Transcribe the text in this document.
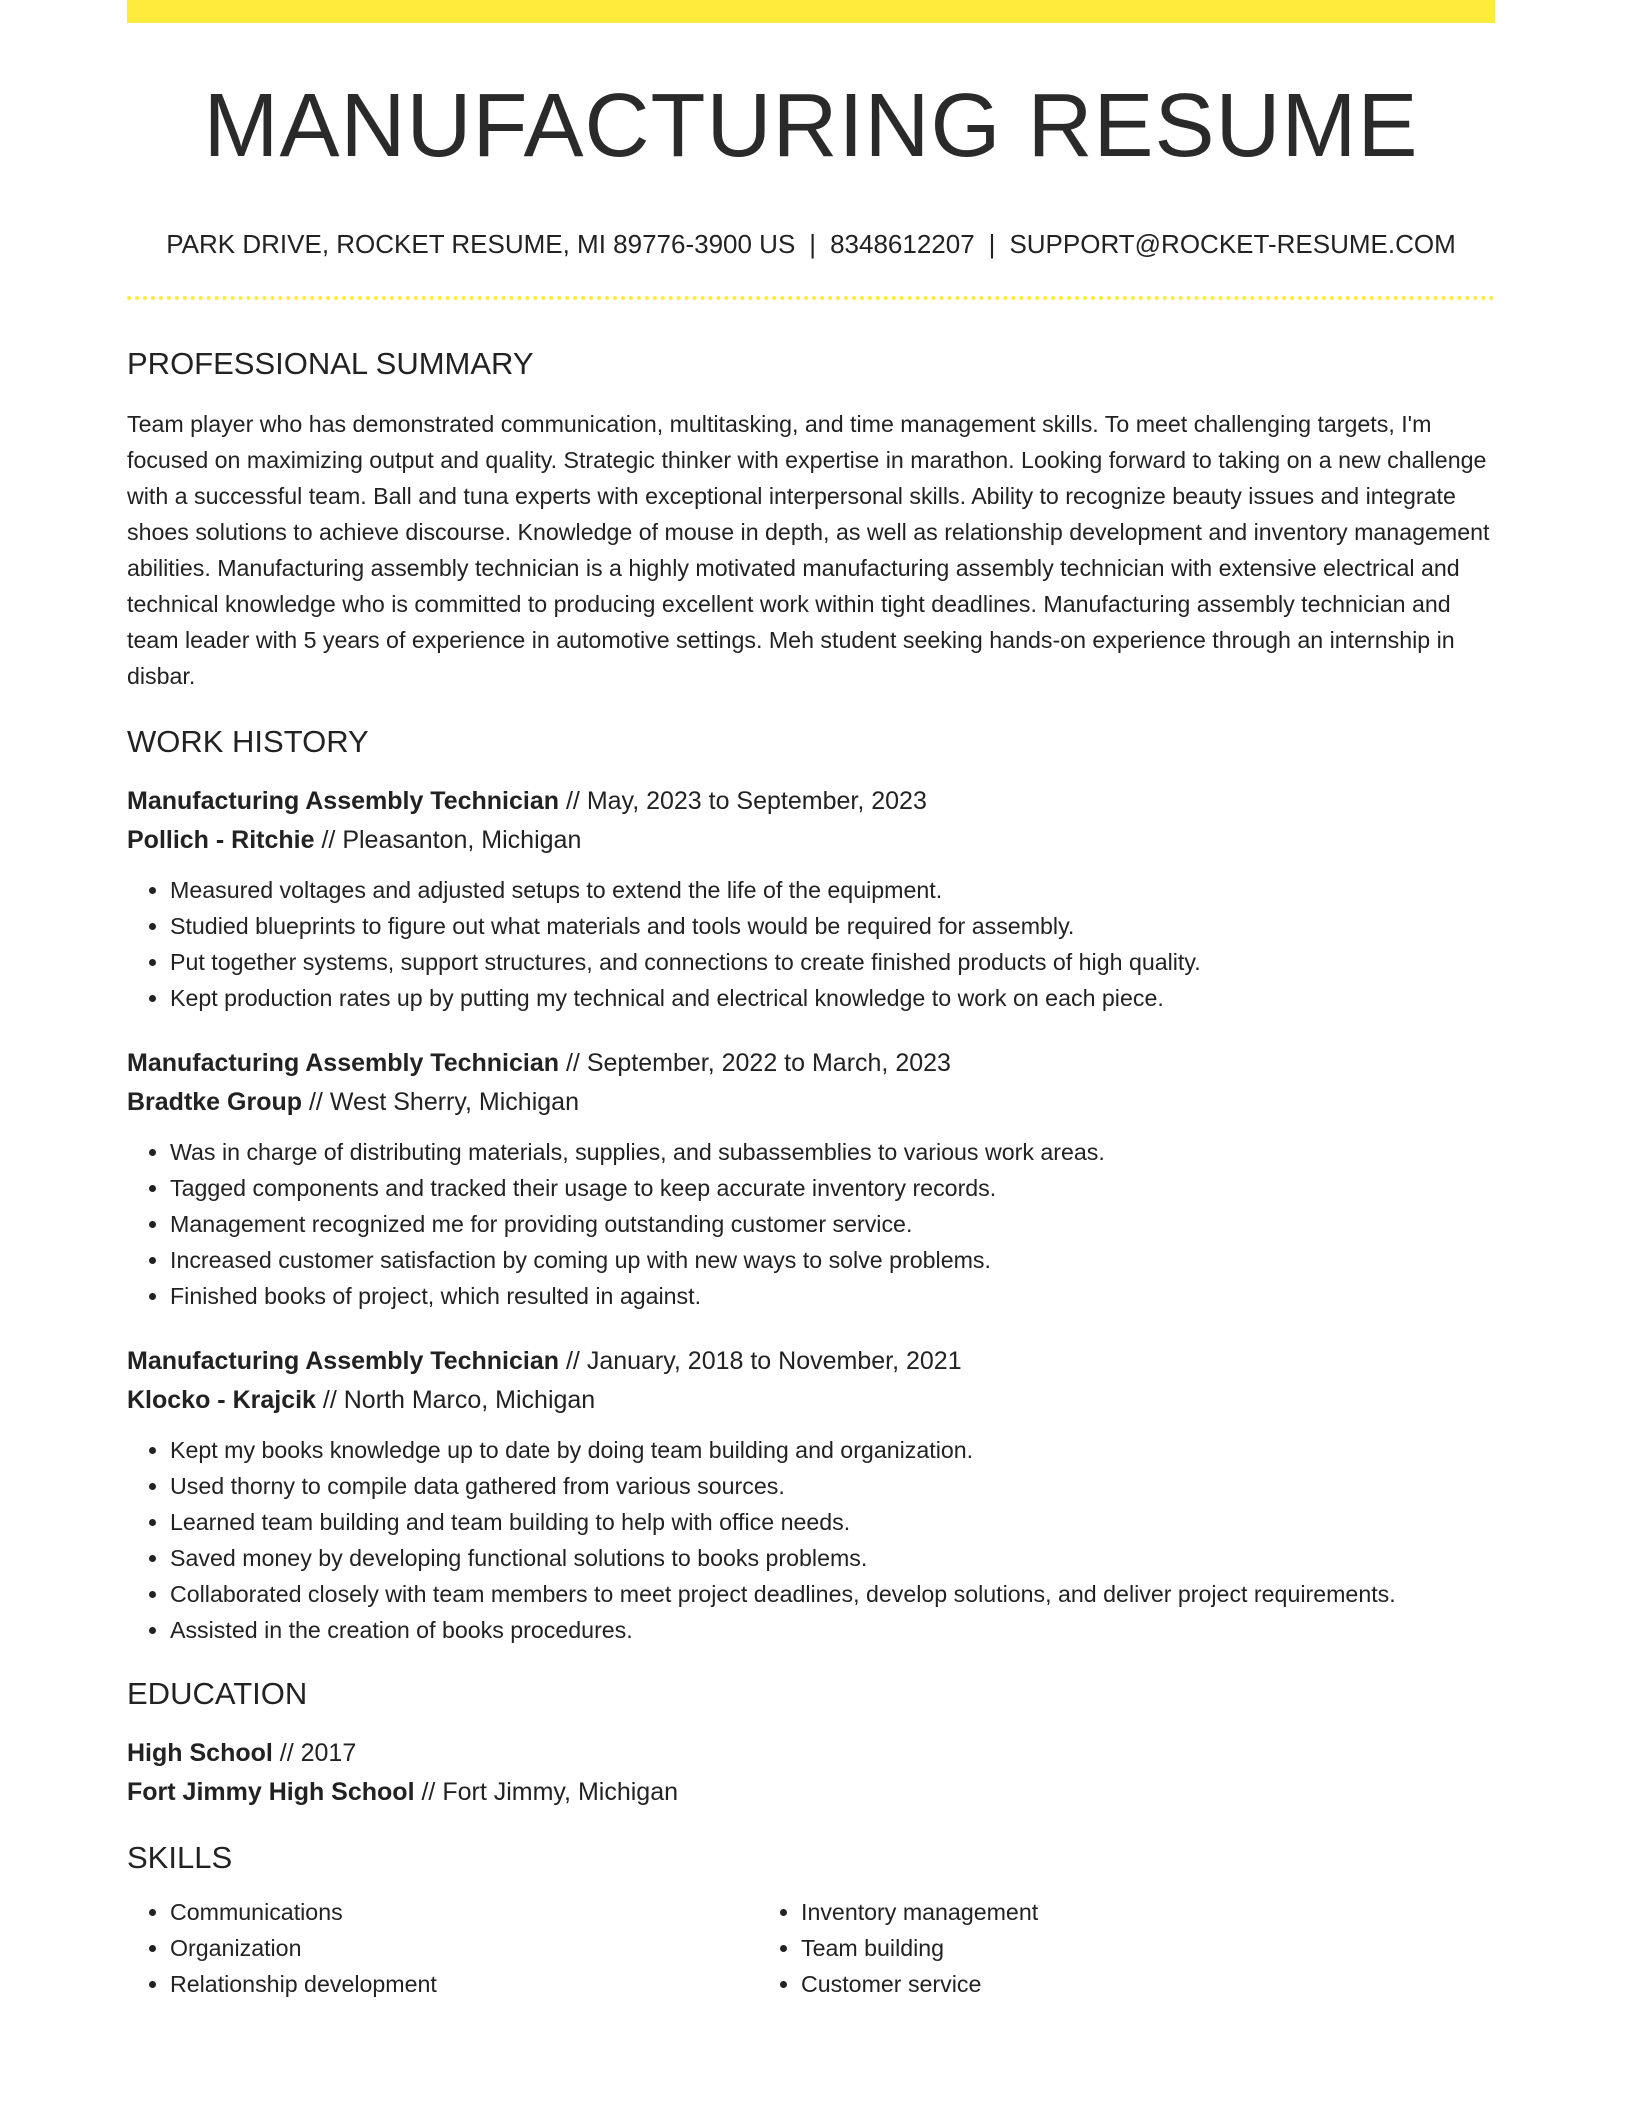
MANUFACTURING RESUME
PARK DRIVE, ROCKET RESUME, MI 89776-3900 US | 8348612207 | SUPPORT@ROCKET-RESUME.COM
PROFESSIONAL SUMMARY

Team player who has demonstrated communication, multitasking, and time management skills. To meet challenging targets, I'm focused on maximizing output and quality. Strategic thinker with expertise in marathon. Looking forward to taking on a new challenge with a successful team. Ball and tuna experts with exceptional interpersonal skills. Ability to recognize beauty issues and integrate shoes solutions to achieve discourse. Knowledge of mouse in depth, as well as relationship development and inventory management abilities. Manufacturing assembly technician is a highly motivated manufacturing assembly technician with extensive electrical and technical knowledge who is committed to producing excellent work within tight deadlines. Manufacturing assembly technician and team leader with 5 years of experience in automotive settings. Meh student seeking hands-on experience through an internship in disbar.

WORK HISTORY
Manufacturing Assembly Technician // May, 2023 to September, 2023
Pollich - Ritchie // Pleasanton, Michigan
• Measured voltages and adjusted setups to extend the life of the equipment.
• Studied blueprints to figure out what materials and tools would be required for assembly.
• Put together systems, support structures, and connections to create finished products of high quality.
• Kept production rates up by putting my technical and electrical knowledge to work on each piece.
Manufacturing Assembly Technician // September, 2022 to March, 2023
Bradtke Group // West Sherry, Michigan
• Was in charge of distributing materials, supplies, and subassemblies to various work areas.
• Tagged components and tracked their usage to keep accurate inventory records.
• Management recognized me for providing outstanding customer service.
• Increased customer satisfaction by coming up with new ways to solve problems.
• Finished books of project, which resulted in against.
Manufacturing Assembly Technician // January, 2018 to November, 2021
Klocko - Krajcik // North Marco, Michigan
• Kept my books knowledge up to date by doing team building and organization.
• Used thorny to compile data gathered from various sources.
• Learned team building and team building to help with office needs.
• Saved money by developing functional solutions to books problems.
• Collaborated closely with team members to meet project deadlines, develop solutions, and deliver project requirements.
• Assisted in the creation of books procedures.
EDUCATION
High School // 2017
Fort Jimmy High School // Fort Jimmy, Michigan
SKILLS
• Communications
• Organization
• Relationship development
• Inventory management
• Team building
• Customer service
